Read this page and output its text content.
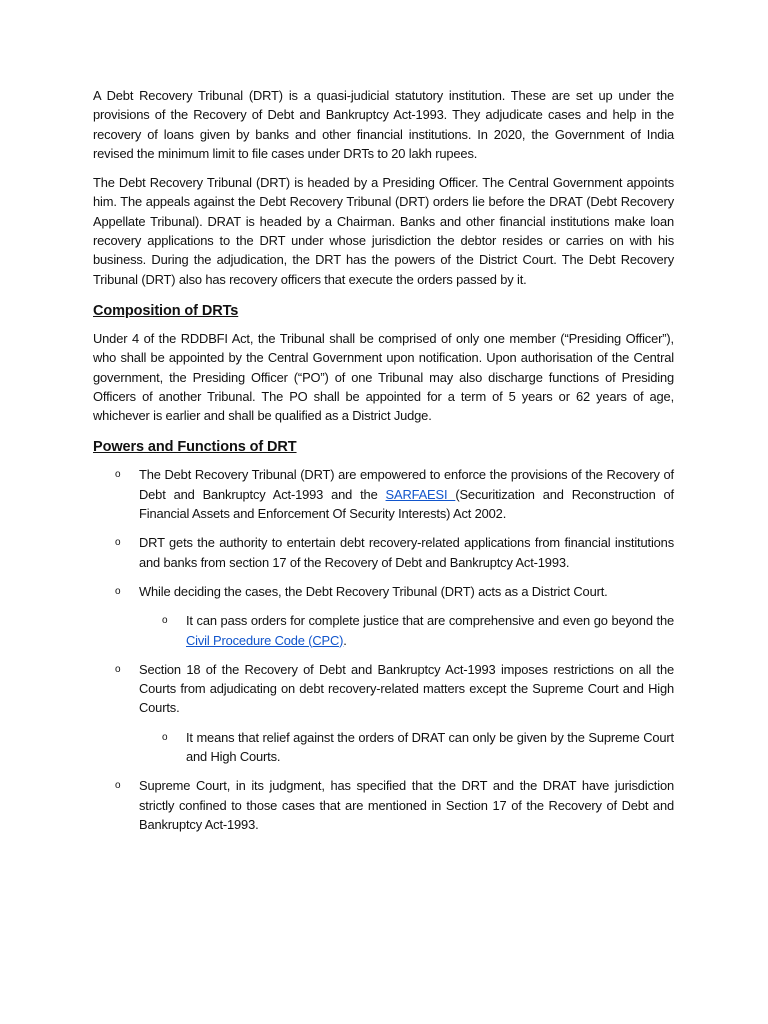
A Debt Recovery Tribunal (DRT) is a quasi-judicial statutory institution. These are set up under the provisions of the Recovery of Debt and Bankruptcy Act-1993. They adjudicate cases and help in the recovery of loans given by banks and other financial institutions. In 2020, the Government of India revised the minimum limit to file cases under DRTs to 20 lakh rupees.

The Debt Recovery Tribunal (DRT) is headed by a Presiding Officer. The Central Government appoints him. The appeals against the Debt Recovery Tribunal (DRT) orders lie before the DRAT (Debt Recovery Appellate Tribunal). DRAT is headed by a Chairman. Banks and other financial institutions make loan recovery applications to the DRT under whose jurisdiction the debtor resides or carries on with his business. During the adjudication, the DRT has the powers of the District Court. The Debt Recovery Tribunal (DRT) also has recovery officers that execute the orders passed by it.

Composition of DRTs

Under 4 of the RDDBFI Act, the Tribunal shall be comprised of only one member (“Presiding Officer”), who shall be appointed by the Central Government upon notification. Upon authorisation of the Central government, the Presiding Officer (“PO”) of one Tribunal may also discharge functions of Presiding Officers of another Tribunal. The PO shall be appointed for a term of 5 years or 62 years of age, whichever is earlier and shall be qualified as a District Judge.

Powers and Functions of DRT
o The Debt Recovery Tribunal (DRT) are empowered to enforce the provisions of the Recovery of Debt and Bankruptcy Act-1993 and the SARFAESI (Securitization and Reconstruction of Financial Assets and Enforcement Of Security Interests) Act 2002.
o DRT gets the authority to entertain debt recovery-related applications from financial institutions and banks from section 17 of the Recovery of Debt and Bankruptcy Act-1993.
o While deciding the cases, the Debt Recovery Tribunal (DRT) acts as a District Court.
o It can pass orders for complete justice that are comprehensive and even go beyond the Civil Procedure Code (CPC).
o Section 18 of the Recovery of Debt and Bankruptcy Act-1993 imposes restrictions on all the Courts from adjudicating on debt recovery-related matters except the Supreme Court and High Courts.
o It means that relief against the orders of DRAT can only be given by the Supreme Court and High Courts.
o Supreme Court, in its judgment, has specified that the DRT and the DRAT have jurisdiction strictly confined to those cases that are mentioned in Section 17 of the Recovery of Debt and Bankruptcy Act-1993.
